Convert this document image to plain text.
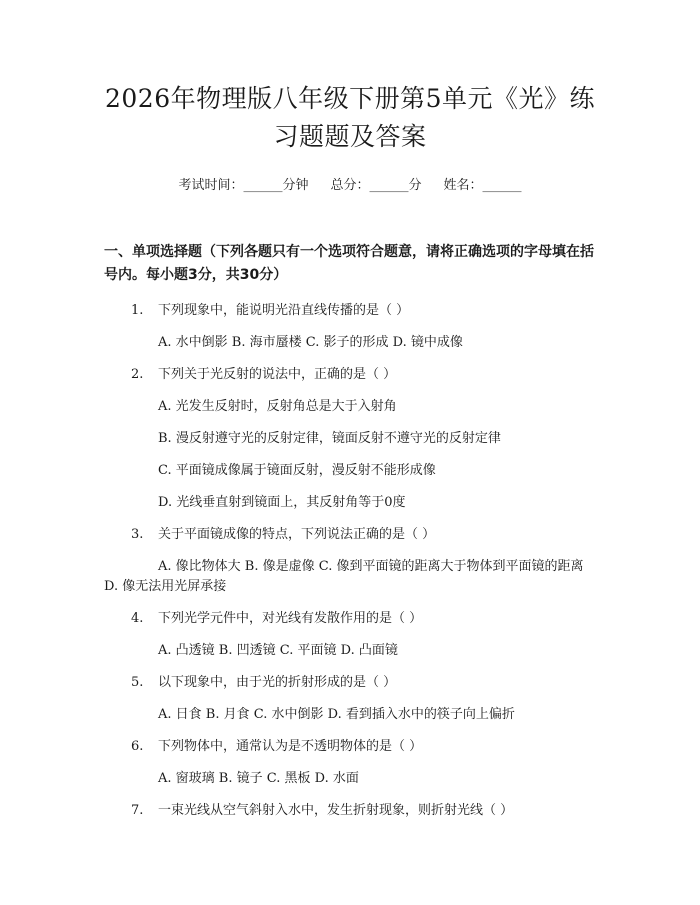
2026年物理版八年级下册第5单元《光》练习题题及答案
考试时间：______分钟 总分：______分 姓名：______
一、单项选择题（下列各题只有一个选项符合题意，请将正确选项的字母填在括号内。每小题3分，共30分）
1. 下列现象中，能说明光沿直线传播的是（ ）
A. 水中倒影 B. 海市蜃楼 C. 影子的形成 D. 镜中成像
2. 下列关于光反射的说法中，正确的是（ ）
A. 光发生反射时，反射角总是大于入射角
B. 漫反射遵守光的反射定律，镜面反射不遵守光的反射定律
C. 平面镜成像属于镜面反射，漫反射不能形成像
D. 光线垂直射到镜面上，其反射角等于0度
3. 关于平面镜成像的特点，下列说法正确的是（ ）
A. 像比物体大 B. 像是虚像 C. 像到平面镜的距离大于物体到平面镜的距离 D. 像无法用光屏承接
4. 下列光学元件中，对光线有发散作用的是（ ）
A. 凸透镜 B. 凹透镜 C. 平面镜 D. 凸面镜
5. 以下现象中，由于光的折射形成的是（ ）
A. 日食 B. 月食 C. 水中倒影 D. 看到插入水中的筷子向上偏折
6. 下列物体中，通常认为是不透明物体的是（ ）
A. 窗玻璃 B. 镜子 C. 黑板 D. 水面
7. 一束光线从空气斜射入水中，发生折射现象，则折射光线（ ）
